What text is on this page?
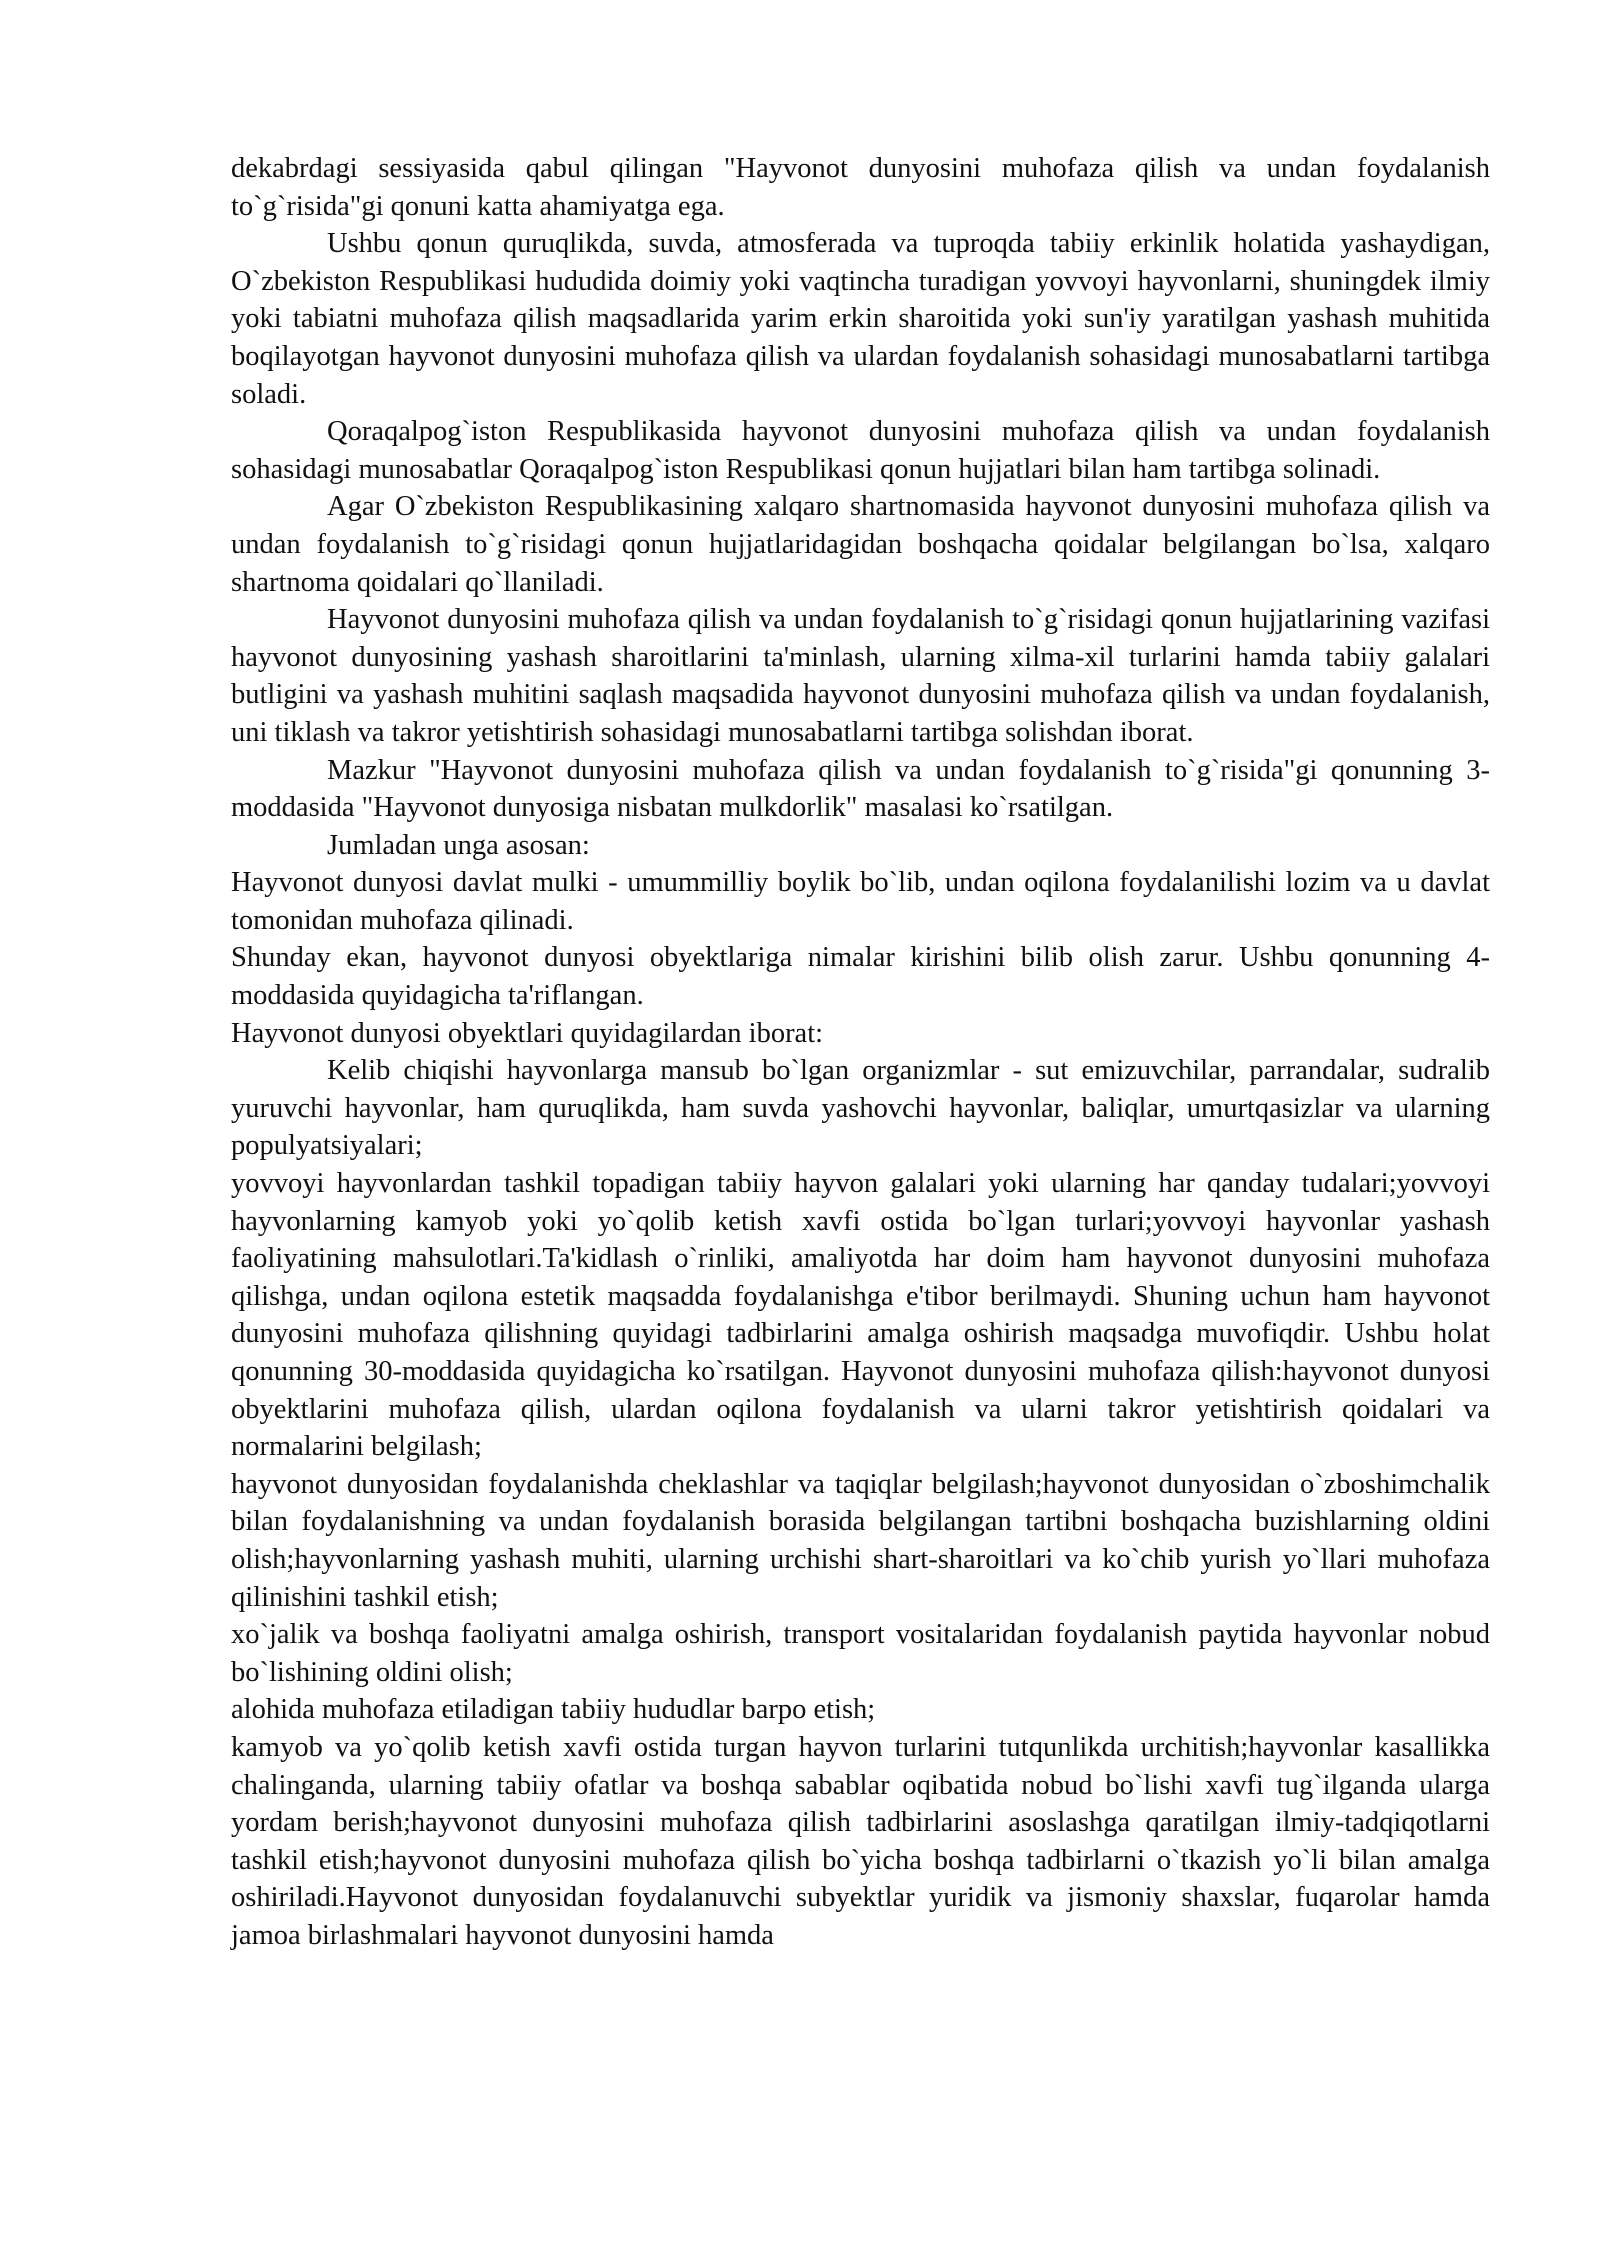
dekabrdagi sessiyasida qabul qilingan "Hayvonot dunyosini muhofaza qilish va undan foydalanish to`g`risida"gi qonuni katta ahamiyatga ega.

Ushbu qonun quruqlikda, suvda, atmosferada va tuproqda tabiiy erkinlik holatida yashaydigan, O`zbekiston Respublikasi hududida doimiy yoki vaqtincha turadigan yovvoyi hayvonlarni, shuningdek ilmiy yoki tabiatni muhofaza qilish maqsadlarida yarim erkin sharoitida yoki sun'iy yaratilgan yashash muhitida boqilayotgan hayvonot dunyosini muhofaza qilish va ulardan foydalanish sohasidagi munosabatlarni tartibga soladi.

Qoraqalpog`iston Respublikasida hayvonot dunyosini muhofaza qilish va undan foydalanish sohasidagi munosabatlar Qoraqalpog`iston Respublikasi qonun hujjatlari bilan ham tartibga solinadi.

Agar O`zbekiston Respublikasining xalqaro shartnomasida hayvonot dunyosini muhofaza qilish va undan foydalanish to`g`risidagi qonun hujjatlaridagidan boshqacha qoidalar belgilangan bo`lsa, xalqaro shartnoma qoidalari qo`llaniladi.

Hayvonot dunyosini muhofaza qilish va undan foydalanish to`g`risidagi qonun hujjatlarining vazifasi hayvonot dunyosining yashash sharoitlarini ta'minlash, ularning xilma-xil turlarini hamda tabiiy galalari butligini va yashash muhitini saqlash maqsadida hayvonot dunyosini muhofaza qilish va undan foydalanish, uni tiklash va takror yetishtirish sohasidagi munosabatlarni tartibga solishdan iborat.

Mazkur "Hayvonot dunyosini muhofaza qilish va undan foydalanish to`g`risida"gi qonunning 3-moddasida "Hayvonot dunyosiga nisbatan mulkdorlik" masalasi ko`rsatilgan.

Jumladan unga asosan:

Hayvonot dunyosi davlat mulki - umummilliy boylik bo`lib, undan oqilona foydalanilishi lozim va u davlat tomonidan muhofaza qilinadi.

Shunday ekan, hayvonot dunyosi obyektlariga nimalar kirishini bilib olish zarur. Ushbu qonunning 4-moddasida quyidagicha ta'riflangan.

Hayvonot dunyosi obyektlari quyidagilardan iborat:

Kelib chiqishi hayvonlarga mansub bo`lgan organizmlar - sut emizuvchilar, parrandalar, sudralib yuruvchi hayvonlar, ham quruqlikda, ham suvda yashovchi hayvonlar, baliqlar, umurtqasizlar va ularning populyatsiyalari;

yovvoyi hayvonlardan tashkil topadigan tabiiy hayvon galalari yoki ularning har qanday tudalari;yovvoyi hayvonlarning kamyob yoki yo`qolib ketish xavfi ostida bo`lgan turlari;yovvoyi hayvonlar yashash faoliyatining mahsulotlari.Ta'kidlash o`rinliki, amaliyotda har doim ham hayvonot dunyosini muhofaza qilishga, undan oqilona estetik maqsadda foydalanishga e'tibor berilmaydi. Shuning uchun ham hayvonot dunyosini muhofaza qilishning quyidagi tadbirlarini amalga oshirish maqsadga muvofiqdir. Ushbu holat qonunning 30-moddasida quyidagicha ko`rsatilgan. Hayvonot dunyosini muhofaza qilish:hayvonot dunyosi obyektlarini muhofaza qilish, ulardan oqilona foydalanish va ularni takror yetishtirish qoidalari va normalarini belgilash;

hayvonot dunyosidan foydalanishda cheklashlar va taqiqlar belgilash;hayvonot dunyosidan o`zboshimchalik bilan foydalanishning va undan foydalanish borasida belgilangan tartibni boshqacha buzishlarning oldini olish;hayvonlarning yashash muhiti, ularning urchishi shart-sharoitlari va ko`chib yurish yo`llari muhofaza qilinishini tashkil etish;

xo`jalik va boshqa faoliyatni amalga oshirish, transport vositalaridan foydalanish paytida hayvonlar nobud bo`lishining oldini olish;

alohida muhofaza etiladigan tabiiy hududlar barpo etish;

kamyob va yo`qolib ketish xavfi ostida turgan hayvon turlarini tutqunlikda urchitish;hayvonlar kasallikka chalinganda, ularning tabiiy ofatlar va boshqa sabablar oqibatida nobud bo`lishi xavfi tug`ilganda ularga yordam berish;hayvonot dunyosini muhofaza qilish tadbirlarini asoslashga qaratilgan ilmiy-tadqiqotlarni tashkil etish;hayvonot dunyosini muhofaza qilish bo`yicha boshqa tadbirlarni o`tkazish yo`li bilan amalga oshiriladi.Hayvonot dunyosidan foydalanuvchi subyektlar yuridik va jismoniy shaxslar, fuqarolar hamda jamoa birlashmalari hayvonot dunyosini hamda
